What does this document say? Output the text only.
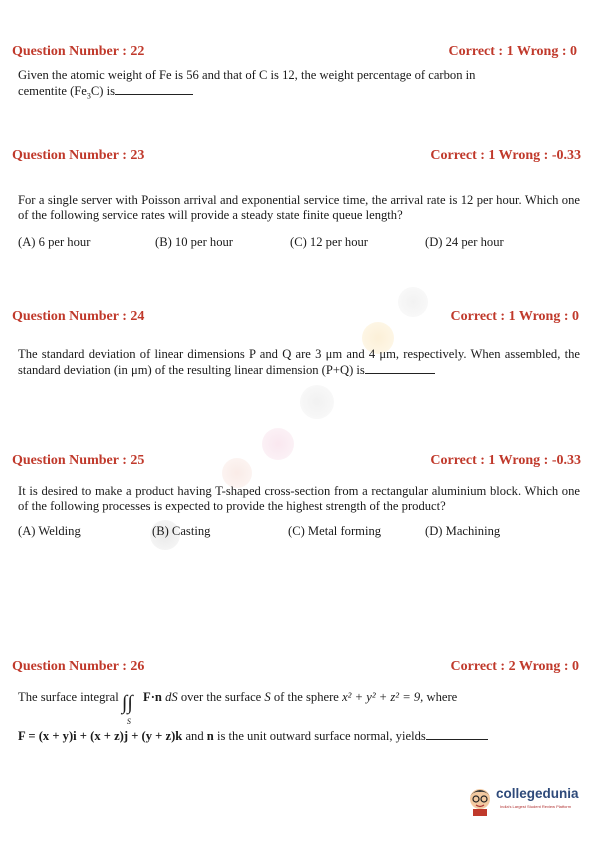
Question Number : 22	Correct : 1 Wrong : 0
Given the atomic weight of Fe is 56 and that of C is 12, the weight percentage of carbon in
cementite $(Fe_3C)$ is
Question Number : 23	Correct : 1 Wrong : -0.33
For a single server with Poisson arrival and exponential service time, the arrival rate is 12 per hour. Which one of the following service rates will provide a steady state finite queue length?
(A) 6 per hour	(B) 10 per hour	(C) 12 per hour	(D) 24 per hour
Question Number : 24	Correct : 1 Wrong : 0
The standard deviation of linear dimensions P and Q are 3 μm and 4 μm, respectively. When assembled, the standard deviation (in μm) of the resulting linear dimension (P+Q) is
Question Number : 25	Correct : 1 Wrong : -0.33
It is desired to make a product having T-shaped cross-section from a rectangular aluminium block. Which one of the following processes is expected to provide the highest strength of the product?
(A) Welding	(B) Casting	(C) Metal forming	(D) Machining
Question Number : 26	Correct : 2 Wrong : 0
The surface integral ∫∫
S
F·n dS over the surface S of the sphere x² + y² + z² = 9, where
F = (x + y)i + (x + z)j + (y + z)k and n is the unit outward surface normal, yields
collegedunia
India's Largest Student Review Platform
